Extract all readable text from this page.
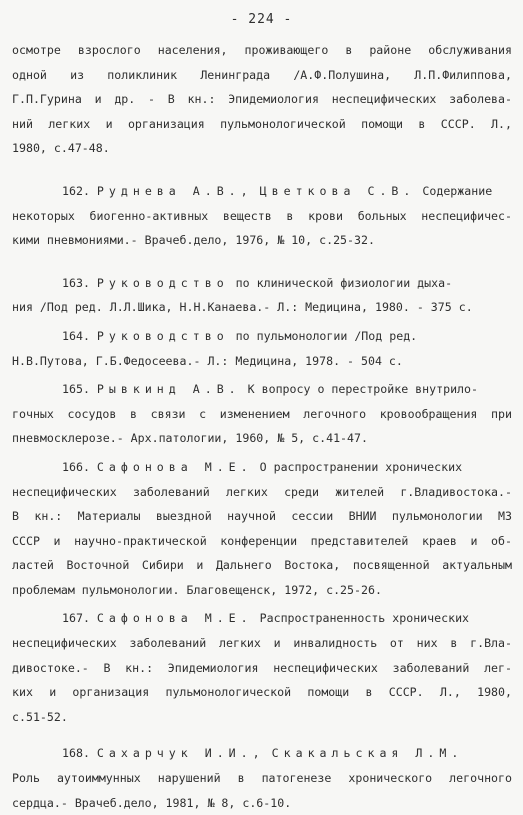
- 224 -
осмотре взрослого населения, проживающего в районе обслуживания
одной из поликлиник Ленинграда /А.Ф.Полушина, Л.П.Филиппова,
Г.П.Гурина и др. - В кн.: Эпидемиология неспецифических заболева-
ний легких и организация пульмонологической помощи в СССР. Л.,
1980, с.47-48.
162. Руднева А.В., Цветкова С.В. Содержание
некоторых биогенно-активных веществ в крови больных неспецифичес-
кими пневмониями.- Врачеб.дело, 1976, № 10, с.25-32.
163. Руководство по клинической физиологии дыха-
ния /Под ред. Л.Л.Шика, Н.Н.Канаева.- Л.: Медицина, 1980. - 375 с.
164. Руководство по пульмонологии /Под ред.
Н.В.Путова, Г.Б.Федосеева.- Л.: Медицина, 1978. - 504 с.
165. Рывкинд А.В. К вопросу о перестройке внутрило-
гочных сосудов в связи с изменением легочного кровообращения при
пневмосклерозе.- Арх.патологии, 1960, № 5, с.41-47.
166. Сафонова М.Е. О распространении хронических
неспецифических заболеваний легких среди жителей г.Владивостока.-
В кн.: Материалы выездной научной сессии ВНИИ пульмонологии МЗ
СССР и научно-практической конференции представителей краев и об-
ластей Восточной Сибири и Дальнего Востока, посвященной актуальным
проблемам пульмонологии. Благовещенск, 1972, с.25-26.
167. Сафонова М.Е. Распространенность хронических
неспецифических заболеваний легких и инвалидность от них в г.Вла-
дивостоке.- В кн.: Эпидемиология неспецифических заболеваний лег-
ких и организация пульмонологической помощи в СССР. Л., 1980,
с.51-52.
168. Сахарчук И.И., Скакальская Л.М.
Роль аутоиммунных нарушений в патогенезе хронического легочного
сердца.- Врачеб.дело, 1981, № 8, с.6-10.
